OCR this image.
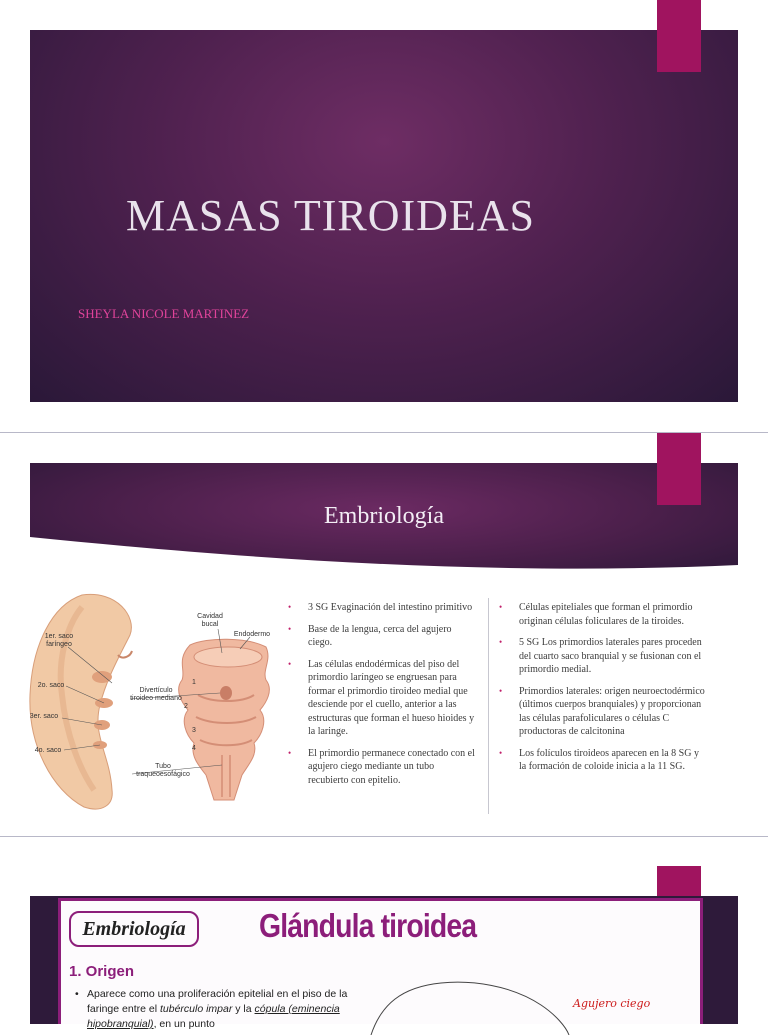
MASAS TIROIDEAS
SHEYLA NICOLE MARTINEZ
Embriología
1er. saco faríngeo
2o. saco
3er. saco
4o. saco
Cavidad bucal
Endodermo
Divertículo tiroideo mediano
Tubo traqueoesofágico
1
2
3
4
• 3 SG Evaginación del intestino primitivo
• Base de la lengua, cerca del agujero ciego.
• Las células endodérmicas del piso del primordio laríngeo se engruesan para formar el primordio tiroideo medial que desciende por el cuello, anterior a las estructuras que forman el hueso hioides y la laringe.
• El primordio permanece conectado con el agujero ciego mediante un tubo recubierto con epitelio.
• Células epiteliales que forman el primordio originan células foliculares de la tiroides.
• 5 SG Los primordios laterales pares proceden del cuarto saco branquial y se fusionan con el primordio medial.
• Primordios laterales: origen neuroectodérmico (últimos cuerpos branquiales) y proporcionan las células parafoliculares o células C productoras de calcitonina
• Los folículos tiroideos aparecen en la 8 SG y la formación de coloide inicia a la 11 SG.
Embriología	Glándula tiroidea
1. Origen
• Aparece como una proliferación epitelial en el piso de la faringe entre el tubérculo impar y la cópula (eminencia hipobranquial), en un punto
Agujero ciego
